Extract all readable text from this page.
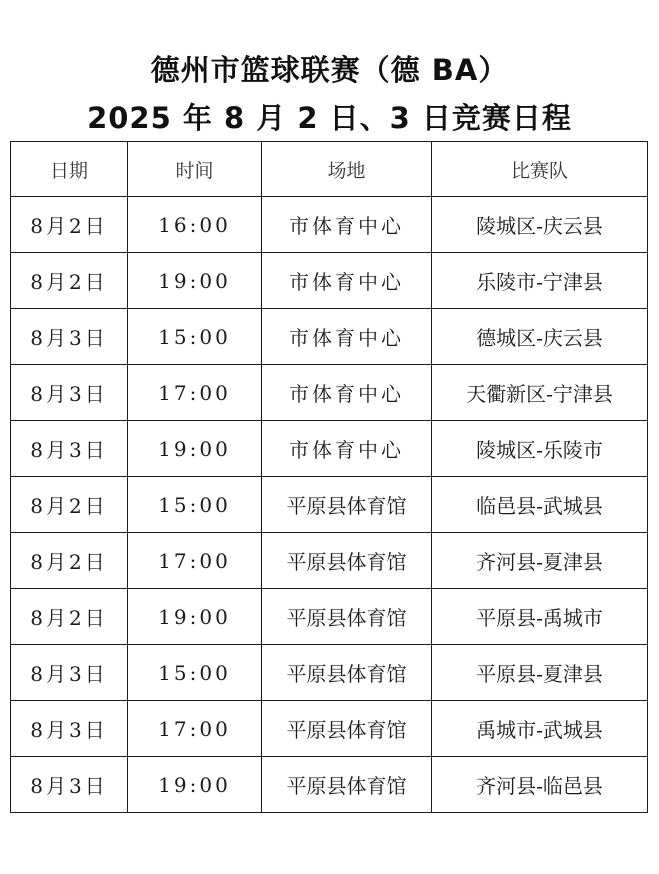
德州市篮球联赛（德 BA）
2025 年 8 月 2 日、3 日竞赛日程
日期	时间	场地	比赛队
8月2日	16:00	市体育中心	陵城区-庆云县
8月2日	19:00	市体育中心	乐陵市-宁津县
8月3日	15:00	市体育中心	德城区-庆云县
8月3日	17:00	市体育中心	天衢新区-宁津县
8月3日	19:00	市体育中心	陵城区-乐陵市
8月2日	15:00	平原县体育馆	临邑县-武城县
8月2日	17:00	平原县体育馆	齐河县-夏津县
8月2日	19:00	平原县体育馆	平原县-禹城市
8月3日	15:00	平原县体育馆	平原县-夏津县
8月3日	17:00	平原县体育馆	禹城市-武城县
8月3日	19:00	平原县体育馆	齐河县-临邑县
